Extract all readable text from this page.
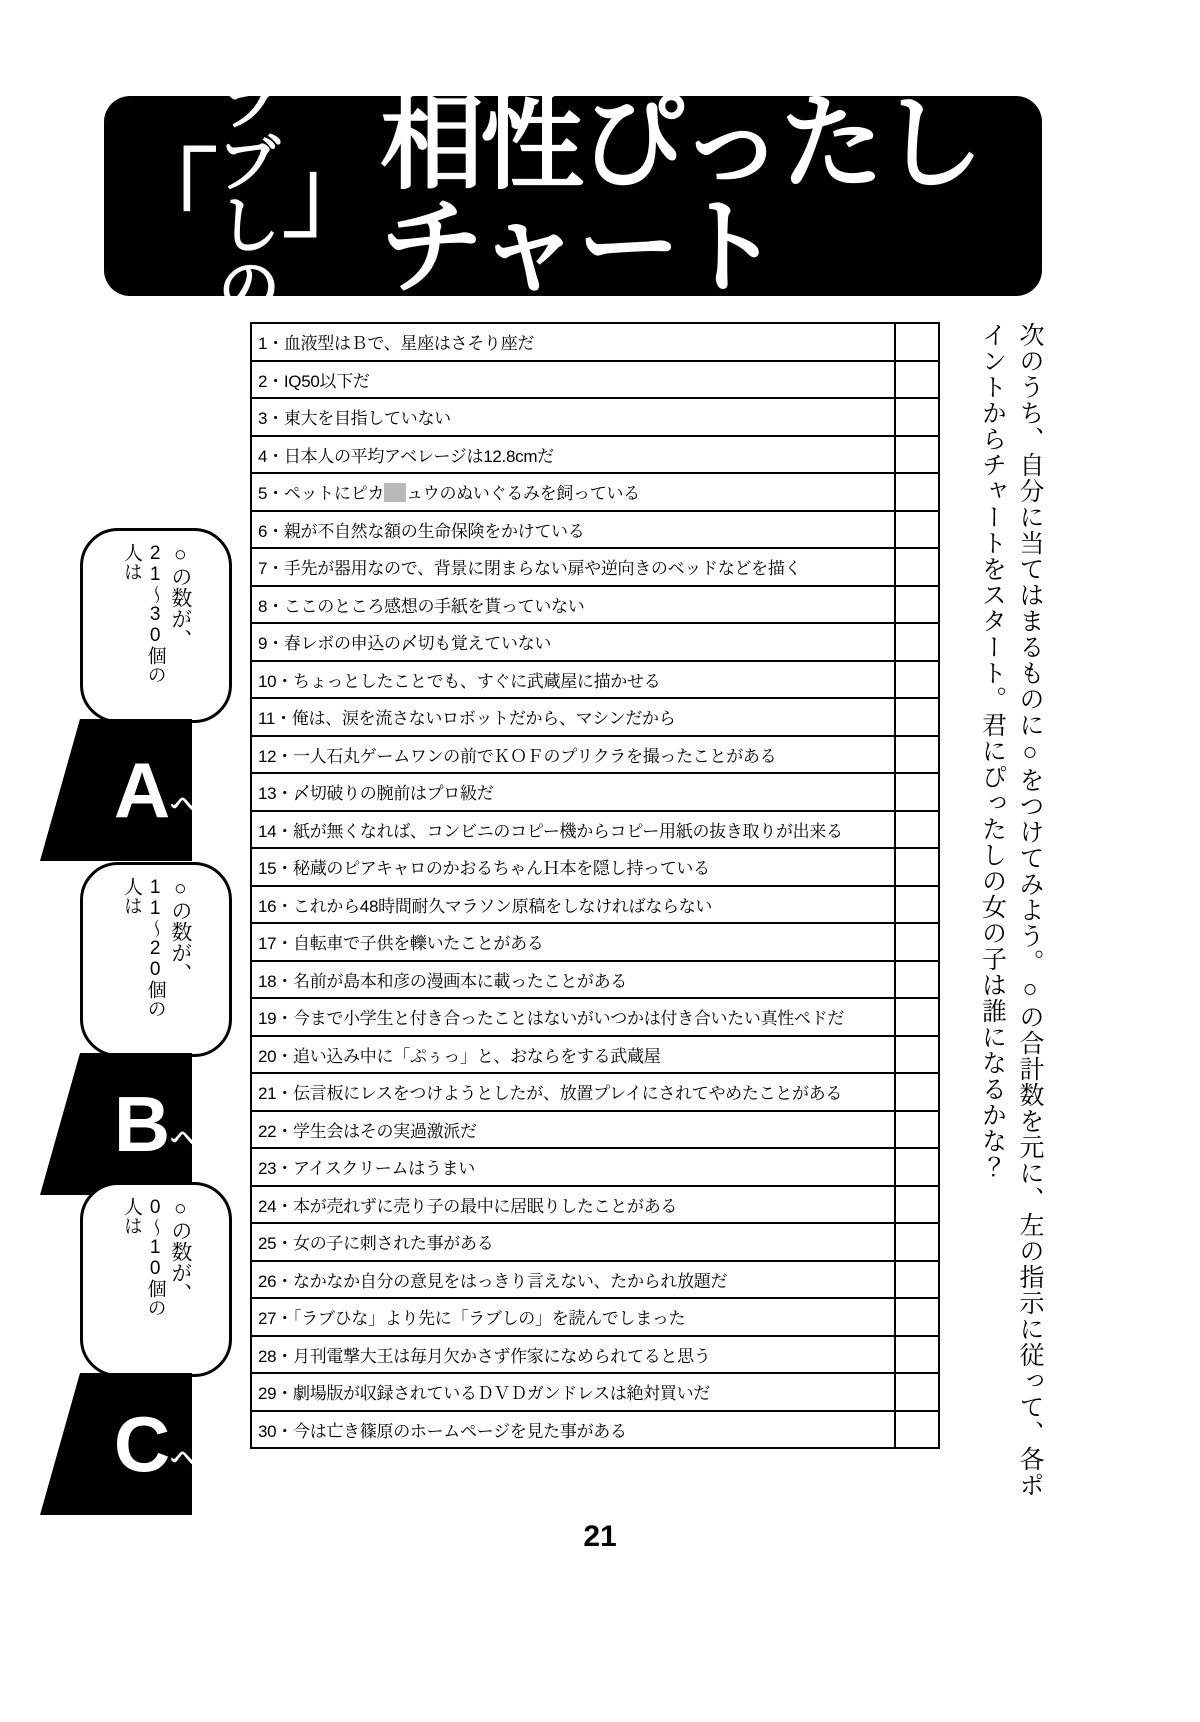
「
ラブ
しの
」 相性ぴったしチャート
○の数が、
21〜30個の
人は
A へ
○の数が、
11〜20個の
人は
B へ
○の数が、
0〜10個の
人は
C へ
1・血液型はＢで、星座はさそり座だ	
2・IQ50以下だ	
3・東大を目指していない	
4・日本人の平均アベレージは12.8cmだ	
5・ペットにピカ ュウのぬいぐるみを飼っている	
6・親が不自然な額の生命保険をかけている	
7・手先が器用なので、背景に閉まらない扉や逆向きのベッドなどを描く	
8・ここのところ感想の手紙を貰っていない	
9・春レボの申込の〆切も覚えていない	
10・ちょっとしたことでも、すぐに武蔵屋に描かせる	
11・俺は、涙を流さないロボットだから、マシンだから	
12・一人石丸ゲームワンの前でＫＯＦのプリクラを撮ったことがある	
13・〆切破りの腕前はプロ級だ	
14・紙が無くなれば、コンビニのコピー機からコピー用紙の抜き取りが出来る	
15・秘蔵のピアキャロのかおるちゃんＨ本を隠し持っている	
16・これから48時間耐久マラソン原稿をしなければならない	
17・自転車で子供を轢いたことがある	
18・名前が島本和彦の漫画本に載ったことがある	
19・今まで小学生と付き合ったことはないがいつかは付き合いたい真性ペドだ	
20・追い込み中に「ぷぅっ」と、おならをする武蔵屋	
21・伝言板にレスをつけようとしたが、放置プレイにされてやめたことがある	
22・学生会はその実過激派だ	
23・アイスクリームはうまい	
24・本が売れずに売り子の最中に居眠りしたことがある	
25・女の子に刺された事がある	
26・なかなか自分の意見をはっきり言えない、たかられ放題だ	
27・「ラブひな」より先に「ラブしの」を読んでしまった	
28・月刊電撃大王は毎月欠かさず作家になめられてると思う	
29・劇場版が収録されているＤＶＤガンドレスは絶対買いだ	
30・今は亡き篠原のホームページを見た事がある		次のうち、自分に当てはまるものに○をつけてみよう。○の合計数を元に、左の指示に従って、各ポイントからチャートをスタート。君にぴったしの女の子は誰になるかな？
21
